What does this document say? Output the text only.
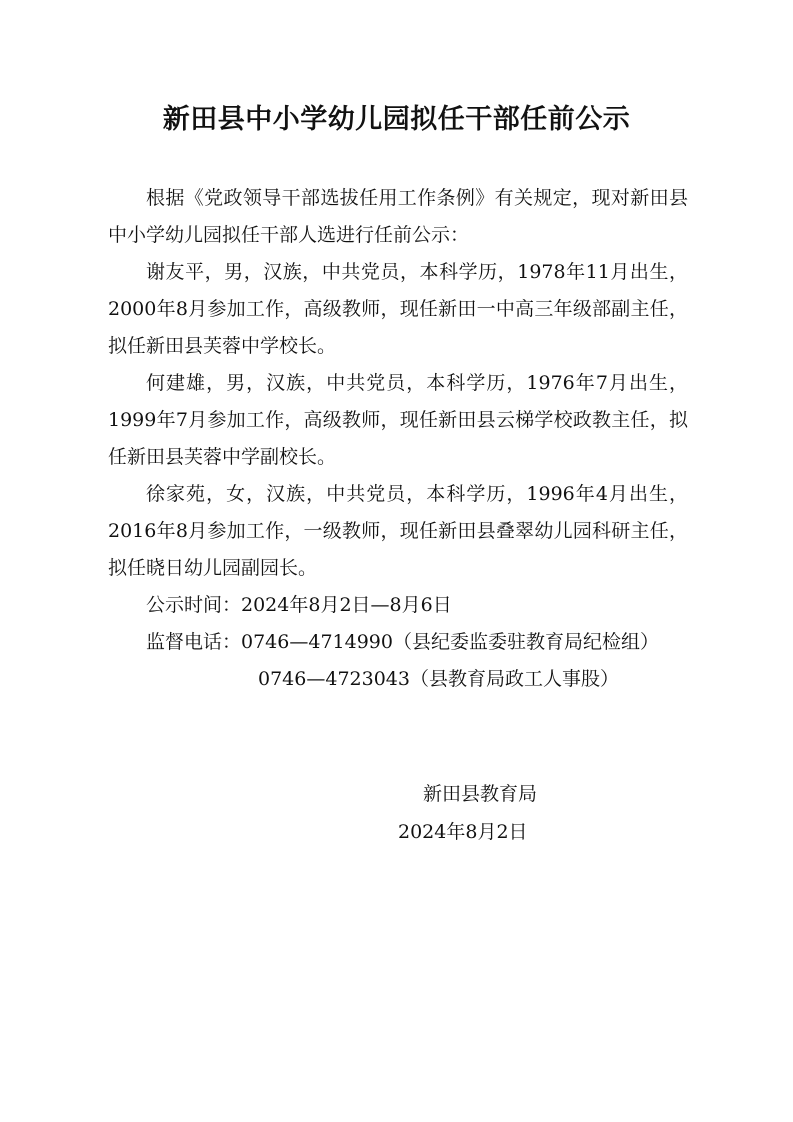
新田县中小学幼儿园拟任干部任前公示

根据《党政领导干部选拔任用工作条例》有关规定，现对新田县中小学幼儿园拟任干部人选进行任前公示：

谢友平，男，汉族，中共党员，本科学历，1978年11月出生，2000年8月参加工作，高级教师，现任新田一中高三年级部副主任，拟任新田县芙蓉中学校长。

何建雄，男，汉族，中共党员，本科学历，1976年7月出生，1999年7月参加工作，高级教师，现任新田县云梯学校政教主任，拟任新田县芙蓉中学副校长。

徐家苑，女，汉族，中共党员，本科学历，1996年4月出生，2016年8月参加工作，一级教师，现任新田县叠翠幼儿园科研主任，拟任晓日幼儿园副园长。

公示时间：2024年8月2日—8月6日

监督电话：0746—4714990（县纪委监委驻教育局纪检组）

0746—4723043（县教育局政工人事股）

新田县教育局
2024年8月2日
